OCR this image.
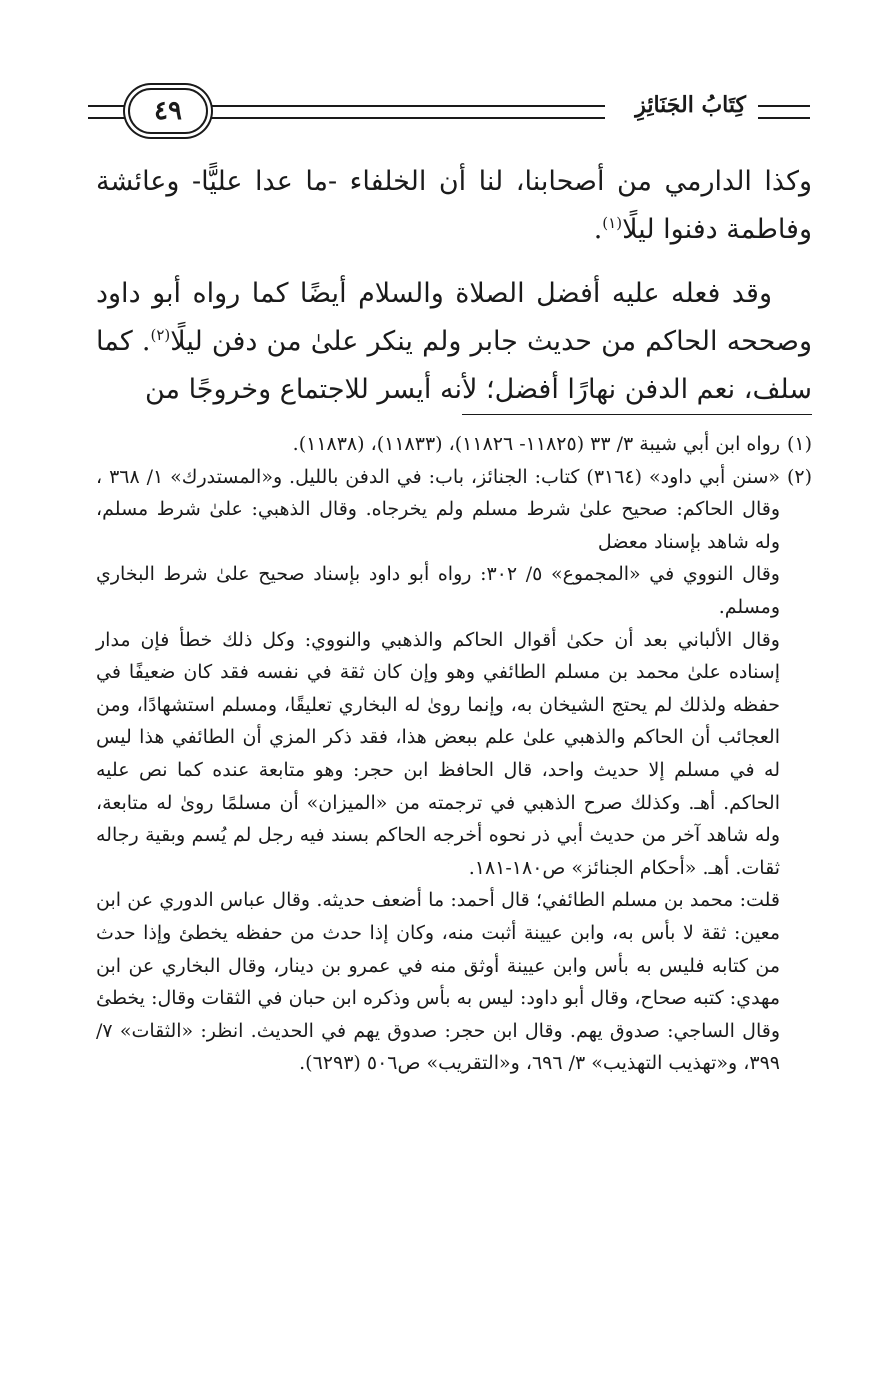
٤٩	كِتَابُ الجَنَائِزِ

وكذا الدارمي من أصحابنا، لنا أن الخلفاء -ما عدا عليًّا- وعائشة وفاطمة دفنوا ليلًا$^{(١)}$.

وقد فعله عليه أفضل الصلاة والسلام أيضًا كما رواه أبو داود وصححه الحاكم من حديث جابر ولم ينكر علىٰ من دفن ليلًا$^{(٢)}$. كما سلف، نعم الدفن نهارًا أفضل؛ لأنه أيسر للاجتماع وخروجًا من

(١)

رواه ابن أبي شيبة ٣/ ٣٣ (١١٨٢٥- ١١٨٢٦)، (١١٨٣٣)، (١١٨٣٨).

(٢)

«سنن أبي داود» (٣١٦٤) كتاب: الجنائز، باب: في الدفن بالليل. و«المستدرك» ١/ ٣٦٨ ، وقال الحاكم: صحيح علىٰ شرط مسلم ولم يخرجاه. وقال الذهبي: علىٰ شرط مسلم، وله شاهد بإسناد معضل

وقال النووي في «المجموع» ٥/ ٣٠٢: رواه أبو داود بإسناد صحيح علىٰ شرط البخاري ومسلم.

وقال الألباني بعد أن حكىٰ أقوال الحاكم والذهبي والنووي: وكل ذلك خطأ فإن مدار إسناده علىٰ محمد بن مسلم الطائفي وهو وإن كان ثقة في نفسه فقد كان ضعيفًا في حفظه ولذلك لم يحتج الشيخان به، وإنما روىٰ له البخاري تعليقًا، ومسلم استشهادًا، ومن العجائب أن الحاكم والذهبي علىٰ علم ببعض هذا، فقد ذكر المزي أن الطائفي هذا ليس له في مسلم إلا حديث واحد، قال الحافظ ابن حجر: وهو متابعة عنده كما نص عليه الحاكم. أهـ. وكذلك صرح الذهبي في ترجمته من «الميزان» أن مسلمًا روىٰ له متابعة، وله شاهد آخر من حديث أبي ذر نحوه أخرجه الحاكم بسند فيه رجل لم يُسم وبقية رجاله ثقات. أهـ. «أحكام الجنائز» ص١٨٠-١٨١.

قلت: محمد بن مسلم الطائفي؛ قال أحمد: ما أضعف حديثه. وقال عباس الدوري عن ابن معين: ثقة لا بأس به، وابن عيينة أثبت منه، وكان إذا حدث من حفظه يخطئ وإذا حدث من كتابه فليس به بأس وابن عيينة أوثق منه في عمرو بن دينار، وقال البخاري عن ابن مهدي: كتبه صحاح، وقال أبو داود: ليس به بأس وذكره ابن حبان في الثقات وقال: يخطئ وقال الساجي: صدوق يهم. وقال ابن حجر: صدوق يهم في الحديث. انظر: «الثقات» ٧/ ٣٩٩، و«تهذيب التهذيب» ٣/ ٦٩٦، و«التقريب» ص٥٠٦ (٦٢٩٣).
